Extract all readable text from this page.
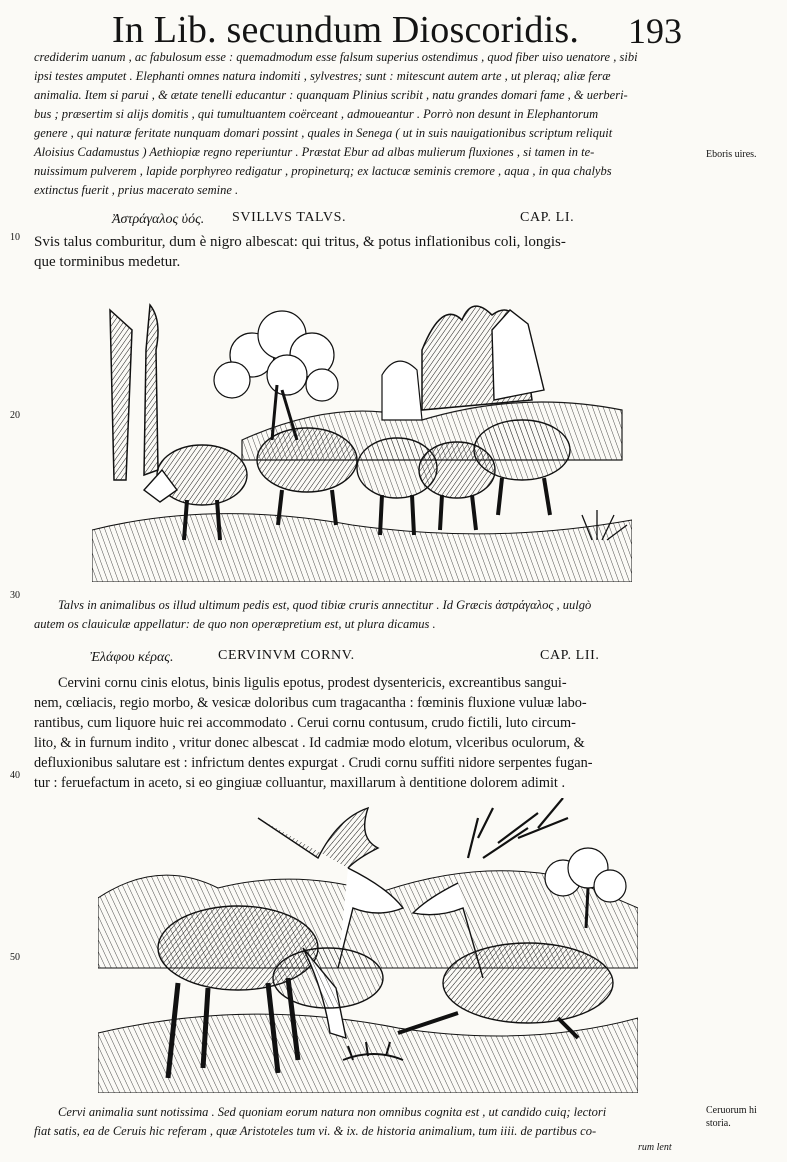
In Lib. secundum Dioscoridis. 193
crediderim uanum , ac fabulosum esse : quemadmodum esse falsum superius ostendimus , quod fiber uiso uenatore , sibi
ipsi testes amputet . Elephanti omnes natura indomiti , sylvestres; sunt : mitescunt autem arte , ut pleraq; aliæ feræ
animalia. Item si parui , & ætate tenelli educantur : quanquam Plinius scribit , natu grandes domari fame , & uerberi-
bus ; præsertim si alijs domitis , qui tumultuantem coërceant , admoueantur . Porrò non desunt in Elephantorum
genere , qui naturæ feritate nunquam domari possint , quales in Senega ( ut in suis nauigationibus scriptum reliquit
Aloisius Cadamustus ) Aethiopiæ regno reperiuntur . Præstat Ebur ad albas mulierum fluxiones , si tamen in te-
nuissimum pulverem , lapide porphyreo redigatur , propineturq; ex lactucæ seminis cremore , aqua , in qua chalybs
extinctus fuerit , prius macerato semine .
Eboris uires.
Ἀστράγαλος ὑός. SVILLVS TALVS.	CAP. LI.
Svis talus comburitur, dum è nigro albescat: qui tritus, & potus inflationibus coli, longis-
que torminibus medetur.
10
20
30
40
50
Talvs in animalibus os illud ultimum pedis est, quod tibiæ cruris annectitur . Id Græcis ἀστράγαλος , uulgò
autem os clauiculæ appellatur: de quo non operæpretium est, ut plura dicamus .
Ἐλάφου κέρας.	CERVINVM CORNV.	CAP. LII.
Cervini cornu cinis elotus, binis ligulis epotus, prodest dysentericis, excreantibus sangui-
nem, cœliacis, regio morbo, & vesicæ doloribus cum tragacantha : fœminis fluxione vuluæ labo-
rantibus, cum liquore huic rei accommodato . Cerui cornu contusum, crudo fictili, luto circum-
lito, & in furnum indito , vritur donec albescat . Id cadmiæ modo elotum, vlceribus oculorum, &
defluxionibus salutare est : infrictum dentes expurgat . Crudi cornu suffiti nidore serpentes fugan-
tur : feruefactum in aceto, si eo gingiuæ colluantur, maxillarum à dentitione dolorem adimit .
Cervi animalia sunt notissima . Sed quoniam eorum natura non omnibus cognita est , ut candido cuiq; lectori
fiat satis, ea de Ceruis hic referam , quæ Aristoteles tum vi. & ix. de historia animalium, tum iiii. de partibus co-
rum lent
Ceruorum hi
storia.
